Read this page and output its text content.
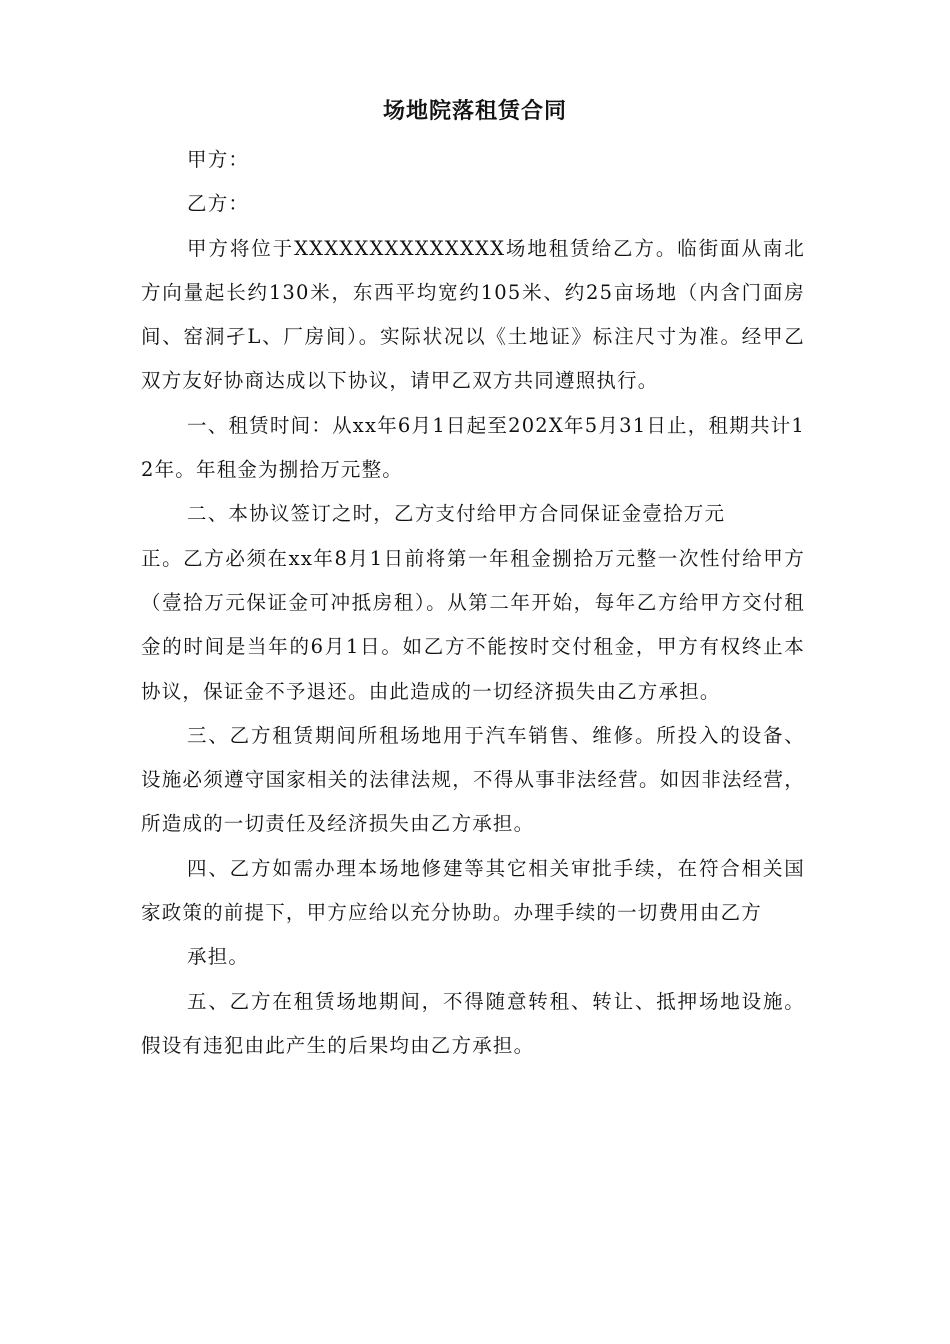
场地院落租赁合同

甲方：

乙方：

甲方将位于XXXXXXXXXXXXXX场地租赁给乙方。临街面从南北方向量起长约130米，东西平均宽约105米、约25亩场地（内含门面房间、窑洞孑L、厂房间）。实际状况以《土地证》标注尺寸为准。经甲乙双方友好协商达成以下协议，请甲乙双方共同遵照执行。

一、租赁时间：从xx年6月1日起至202X年5月31日止，租期共计12年。年租金为捌拾万元整。

二、本协议签订之时，乙方支付给甲方合同保证金壹拾万元

正。乙方必须在xx年8月1日前将第一年租金捌拾万元整一次性付给甲方（壹拾万元保证金可冲抵房租）。从第二年开始，每年乙方给甲方交付租金的时间是当年的6月1日。如乙方不能按时交付租金，甲方有权终止本协议，保证金不予退还。由此造成的一切经济损失由乙方承担。

三、乙方租赁期间所租场地用于汽车销售、维修。所投入的设备、设施必须遵守国家相关的法律法规，不得从事非法经营。如因非法经营，所造成的一切责任及经济损失由乙方承担。

四、乙方如需办理本场地修建等其它相关审批手续，在符合相关国家政策的前提下，甲方应给以充分协助。办理手续的一切费用由乙方

承担。

五、乙方在租赁场地期间，不得随意转租、转让、抵押场地设施。假设有违犯由此产生的后果均由乙方承担。
